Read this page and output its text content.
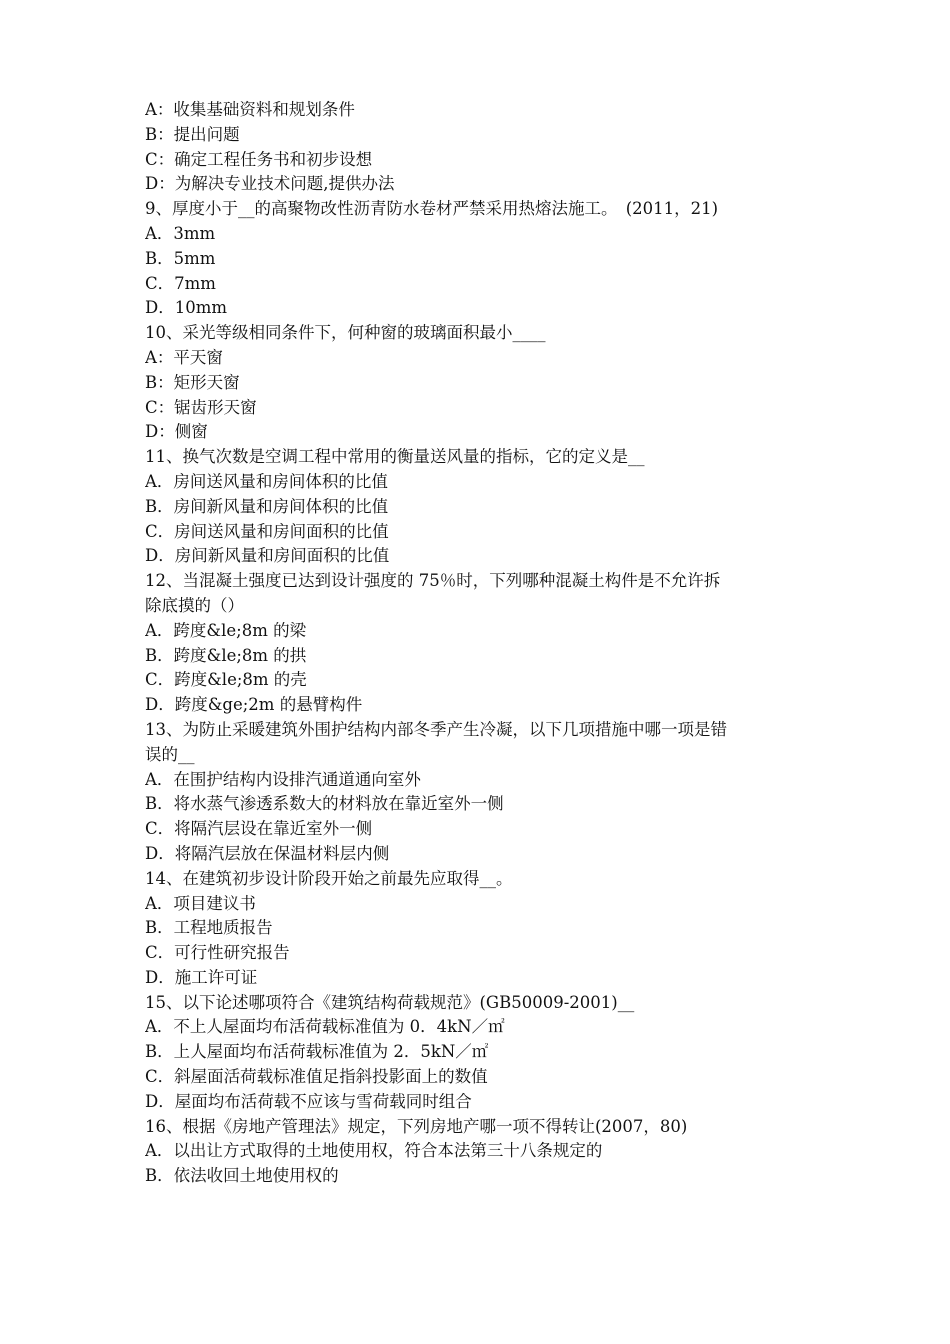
A：收集基础资料和规划条件
B：提出问题
C：确定工程任务书和初步设想
D：为解决专业技术问题,提供办法
9、厚度小于__的高聚物改性沥青防水卷材严禁采用热熔法施工。　(2011，21)
A．3mm
B．5mm
C．7mm
D．10mm
10、采光等级相同条件下，何种窗的玻璃面积最小____
A：平天窗
B：矩形天窗
C：锯齿形天窗
D：侧窗
11、换气次数是空调工程中常用的衡量送风量的指标，它的定义是__
A．房间送风量和房间体积的比值
B．房间新风量和房间体积的比值
C．房间送风量和房间面积的比值
D．房间新风量和房间面积的比值
12、当混凝土强度已达到设计强度的 75％时，下列哪种混凝土构件是不允许拆
除底摸的（）
A．跨度&le;8m 的梁
B．跨度&le;8m 的拱
C．跨度&le;8m 的壳
D．跨度&ge;2m 的悬臂构件
13、为防止采暖建筑外围护结构内部冬季产生冷凝，以下几项措施中哪一项是错
误的__
A．在围护结构内设排汽通道通向室外
B．将水蒸气渗透系数大的材料放在靠近室外一侧
C．将隔汽层设在靠近室外一侧
D．将隔汽层放在保温材料层内侧
14、在建筑初步设计阶段开始之前最先应取得__。
A．项目建议书
B．工程地质报告
C．可行性研究报告
D．施工许可证
15、以下论述哪项符合《建筑结构荷载规范》(GB50009-2001)__
A．不上人屋面均布活荷载标准值为 0．4kN／㎡
B．上人屋面均布活荷载标准值为 2．5kN／㎡
C．斜屋面活荷载标准值足指斜投影面上的数值
D．屋面均布活荷载不应该与雪荷载同时组合
16、根据《房地产管理法》规定，下列房地产哪一项不得转让(2007，80)
A．以出让方式取得的土地使用权，符合本法第三十八条规定的
B．依法收回土地使用权的
